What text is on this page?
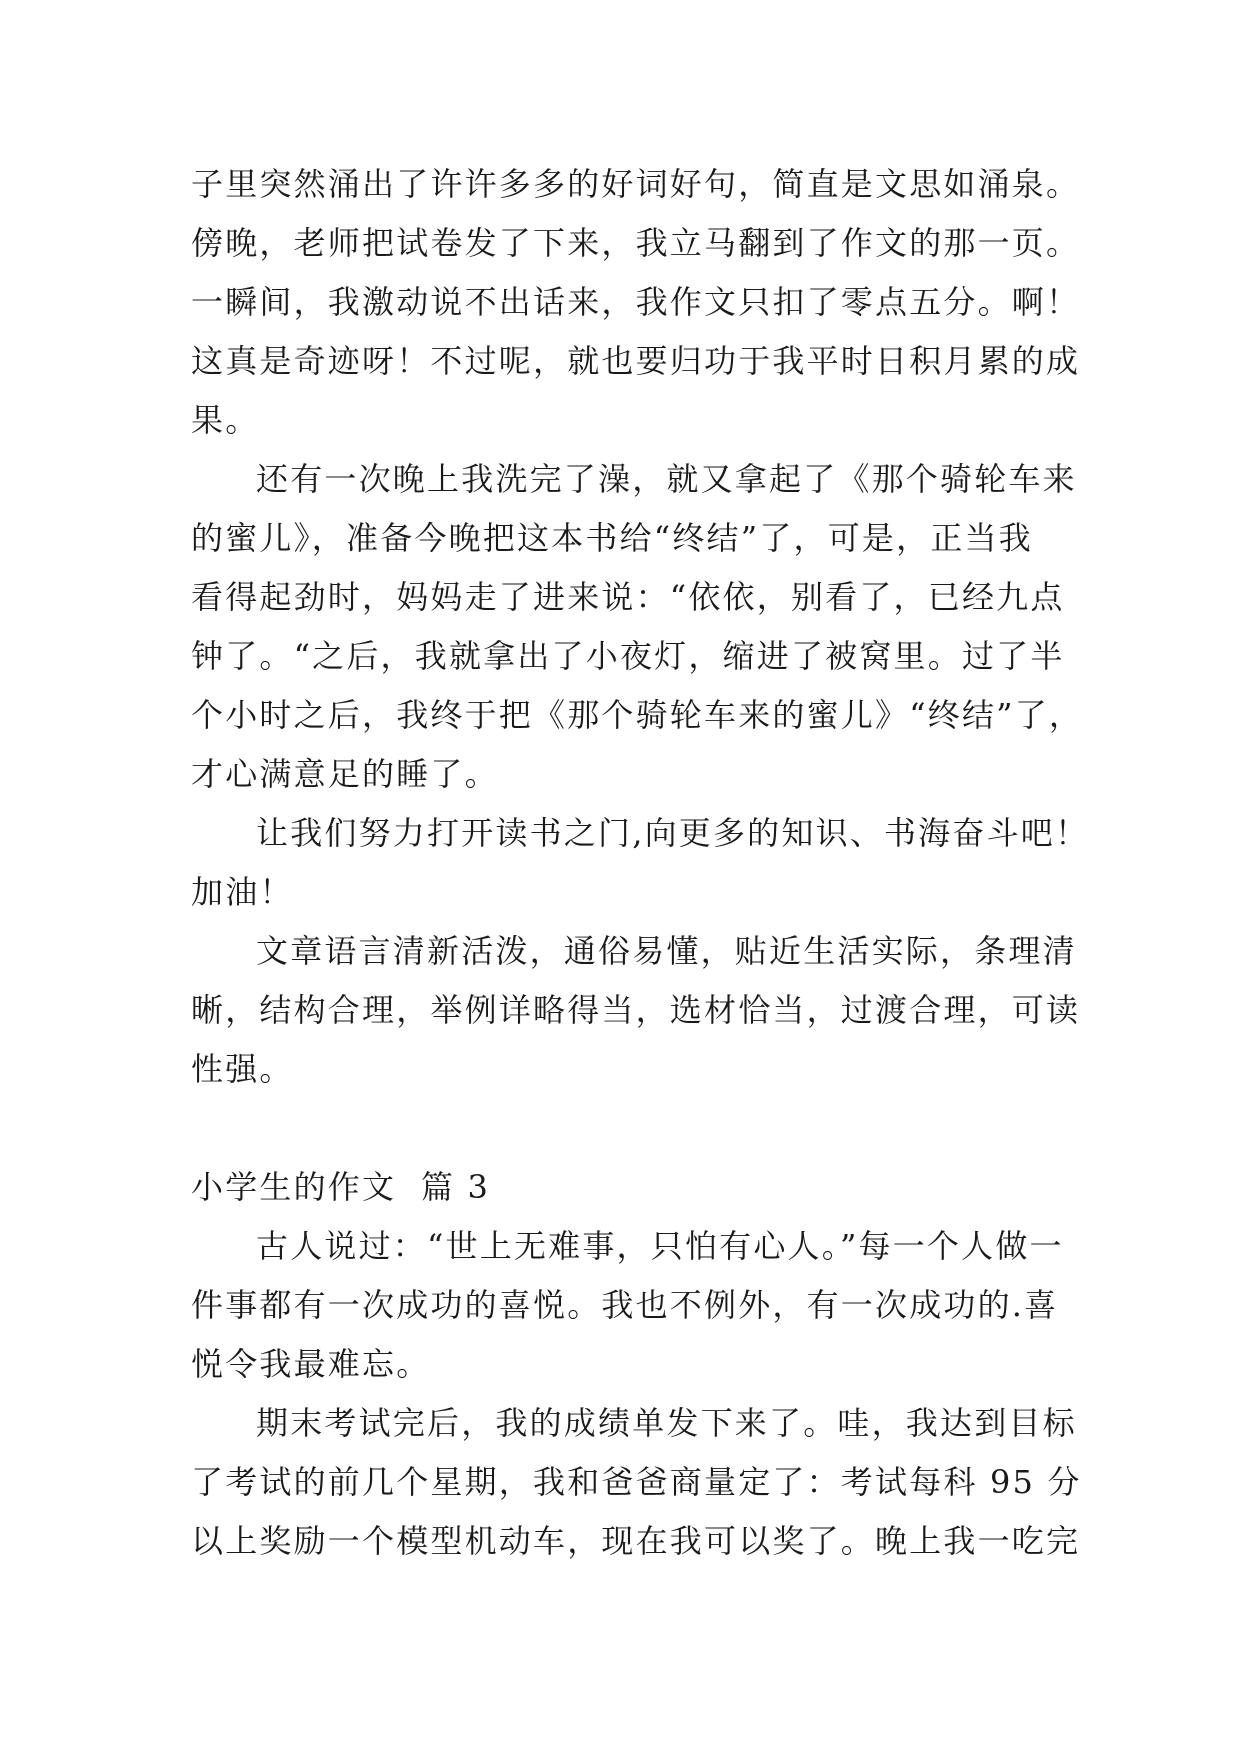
子里突然涌出了许许多多的好词好句，简直是文思如涌泉。
傍晚，老师把试卷发了下来，我立马翻到了作文的那一页。
一瞬间，我激动说不出话来，我作文只扣了零点五分。啊！
这真是奇迹呀！不过呢，就也要归功于我平时日积月累的成
果。
还有一次晚上我洗完了澡，就又拿起了《那个骑轮车来
的蜜儿》，准备今晚把这本书给“终结”了，可是，正当我
看得起劲时，妈妈走了进来说：“依依，别看了，已经九点
钟了。“之后，我就拿出了小夜灯，缩进了被窝里。过了半
个小时之后，我终于把《那个骑轮车来的蜜儿》“终结”了，
才心满意足的睡了。
让我们努力打开读书之门,向更多的知识、书海奋斗吧！
加油！
文章语言清新活泼，通俗易懂，贴近生活实际，条理清
晰，结构合理，举例详略得当，选材恰当，过渡合理，可读
性强。
小学生的作文  篇 3
古人说过：“世上无难事，只怕有心人。”每一个人做一
件事都有一次成功的喜悦。我也不例外，有一次成功的.喜
悦令我最难忘。
期末考试完后，我的成绩单发下来了。哇，我达到目标
了考试的前几个星期，我和爸爸商量定了：考试每科 95 分
以上奖励一个模型机动车，现在我可以奖了。晚上我一吃完
